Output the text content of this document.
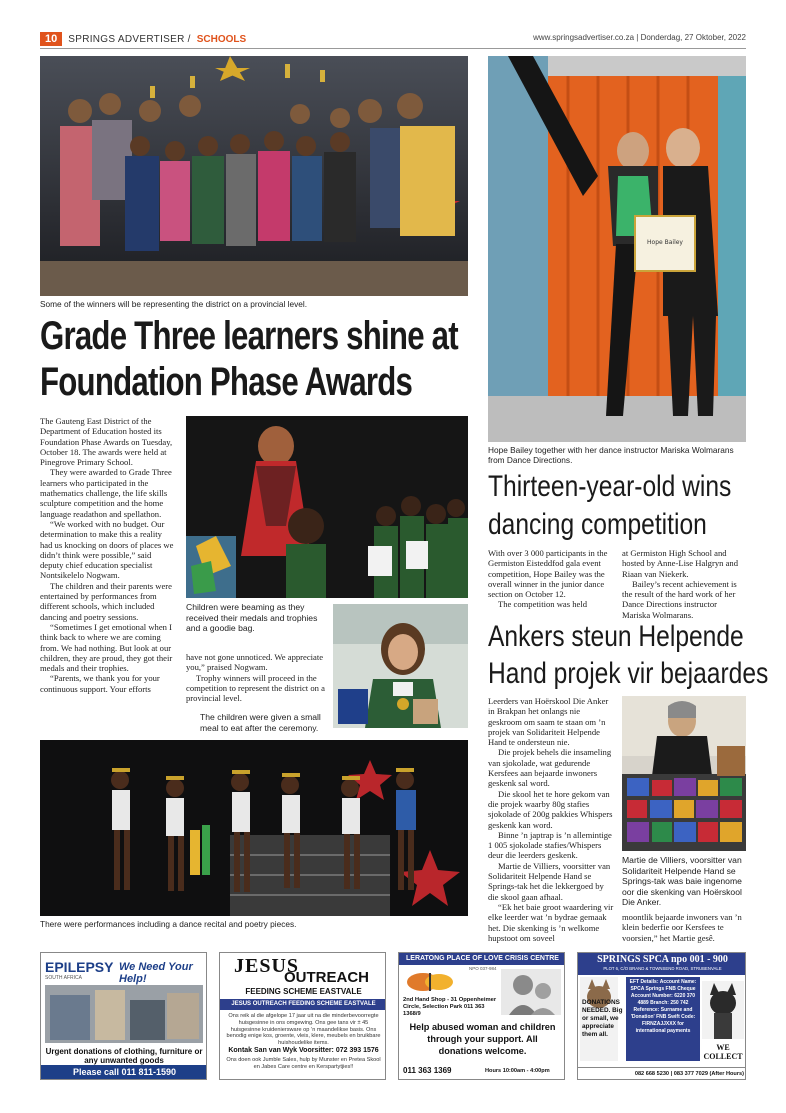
10	SPRINGS ADVERTISER / SCHOOLS	www.springsadvertiser.co.za | Donderdag, 27 Oktober, 2022
Some of the winners will be representing the district on a provincial level.
Grade Three learners shine at
Foundation Phase Awards

The Gauteng East District of the Department of Education hosted its Foundation Phase Awards on Tuesday, October 18. The awards were held at Pinegrove Primary School.

They were awarded to Grade Three learners who participated in the mathematics challenge, the life skills sculpture competition and the home language readathon and spellathon.

“We worked with no budget. Our determination to make this a reality had us knocking on doors of places we didn’t think were possible,” said deputy chief education specialist Nontsikelelo Nogwam.

The children and their parents were entertained by performances from different schools, which included dancing and poetry sessions.

“Sometimes I get emotional when I think back to where we are coming from. We had nothing. But look at our children, they are proud, they got their medals and their trophies.

“Parents, we thank you for your continuous support. Your efforts

Children were beaming as they received their medals and trophies and a goodie bag.

have not gone unnoticed. We appreciate you,” praised Nogwam.

Trophy winners will proceed in the competition to represent the district on a provincial level.

The children were given a small meal to eat after the ceremony.
There were performances including a dance recital and poetry pieces.
Hope Bailey
Hope Bailey together with her dance instructor Mariska Wolmarans from Dance Directions.
Thirteen-year-old wins
dancing competition

With over 3 000 participants in the Germiston Eisteddfod gala event competition, Hope Bailey was the overall winner in the junior dance section on October 12.

The competition was held

at Germiston High School and hosted by Anne-Lise Halgryn and Riaan van Niekerk.

Bailey’s recent achievement is the result of the hard work of her Dance Directions instructor Mariska Wolmarans.

Ankers steun Helpende
Hand projek vir bejaardes

Leerders van Hoërskool Die Anker in Brakpan het onlangs nie geskroom om saam te staan om ’n projek van Solidariteit Helpende Hand te ondersteun nie.

Die projek behels die insameling van sjokolade, wat gedurende Kersfees aan bejaarde inwoners geskenk sal word.

Die skool het te hore gekom van die projek waarby 80g stafies sjokolade of 200g pakkies Whispers geskenk kan word.

Binne ’n japtrap is ’n allemintige 1 005 sjokolade stafies/Whispers deur die leerders geskenk.

Martie de Villiers, voorsitter van Solidariteit Helpende Hand se Springs-tak het die lekkergoed by die skool gaan afhaal.

“Ek het baie groot waardering vir elke leerder wat ’n bydrae gemaak het. Die skenking is ’n welkome hupstoot om soveel

Martie de Villiers, voorsitter van Solidariteit Helpende Hand se Springs-tak was baie ingenome oor die skenking van Hoërskool Die Anker.

moontlik bejaarde inwoners van ’n klein bederfie oor Kersfees te voorsien,” het Martie gesê.

EPILEPSY
SOUTH AFRICA
We Need Your Help!
Urgent donations of clothing, furniture or any unwanted goods
Please call 011 811-1590
JESUS
OUTREACH
FEEDING SCHEME EASTVALE
JESUS OUTREACH FEEDING SCHEME EASTVALE
Ons reik al die afgelope 17 jaar uit na die minderbevoorregte huisgesinne in ons omgewing. Ons gee tans vir ± 45 huisgesinne kruideniersware op ’n maandelikse basis. Ons benodig enige kos, groente, vleis, klere, meubels en bruikbare huishoudelike items.
Kontak San van Wyk Voorsitter: 072 393 1576
Ons doen ook Jumble Sales, hulp by Munster en Pretea Skool en Jabes Care centre en Kerspartytjies!!
LERATONG PLACE OF LOVE CRISIS CENTRE
NPO 037-984
2nd Hand Shop - 31 Oppenheimer Circle, Selection Park 011 363 1368/9
Help abused woman and children through your support. All donations welcome.
011 363 1369	Hours 10:00am - 4:00pm
SPRINGS SPCA npo 001 - 900
PLOT 6, C/O BRAND & TOWNSEND ROAD, STRUBENVALE
DONATIONS NEEDED. Big or small, we appreciate them all.
EFT Details: Account Name: SPCA Springs FNB Cheque Account Number: 6220 370 4889 Branch: 250 742 Reference: Surname and 'Donation' FNB Swift Code: FIRNZAJJXXX for international payments
WE COLLECT
082 668 5230 | 083 377 7029 (After Hours)
